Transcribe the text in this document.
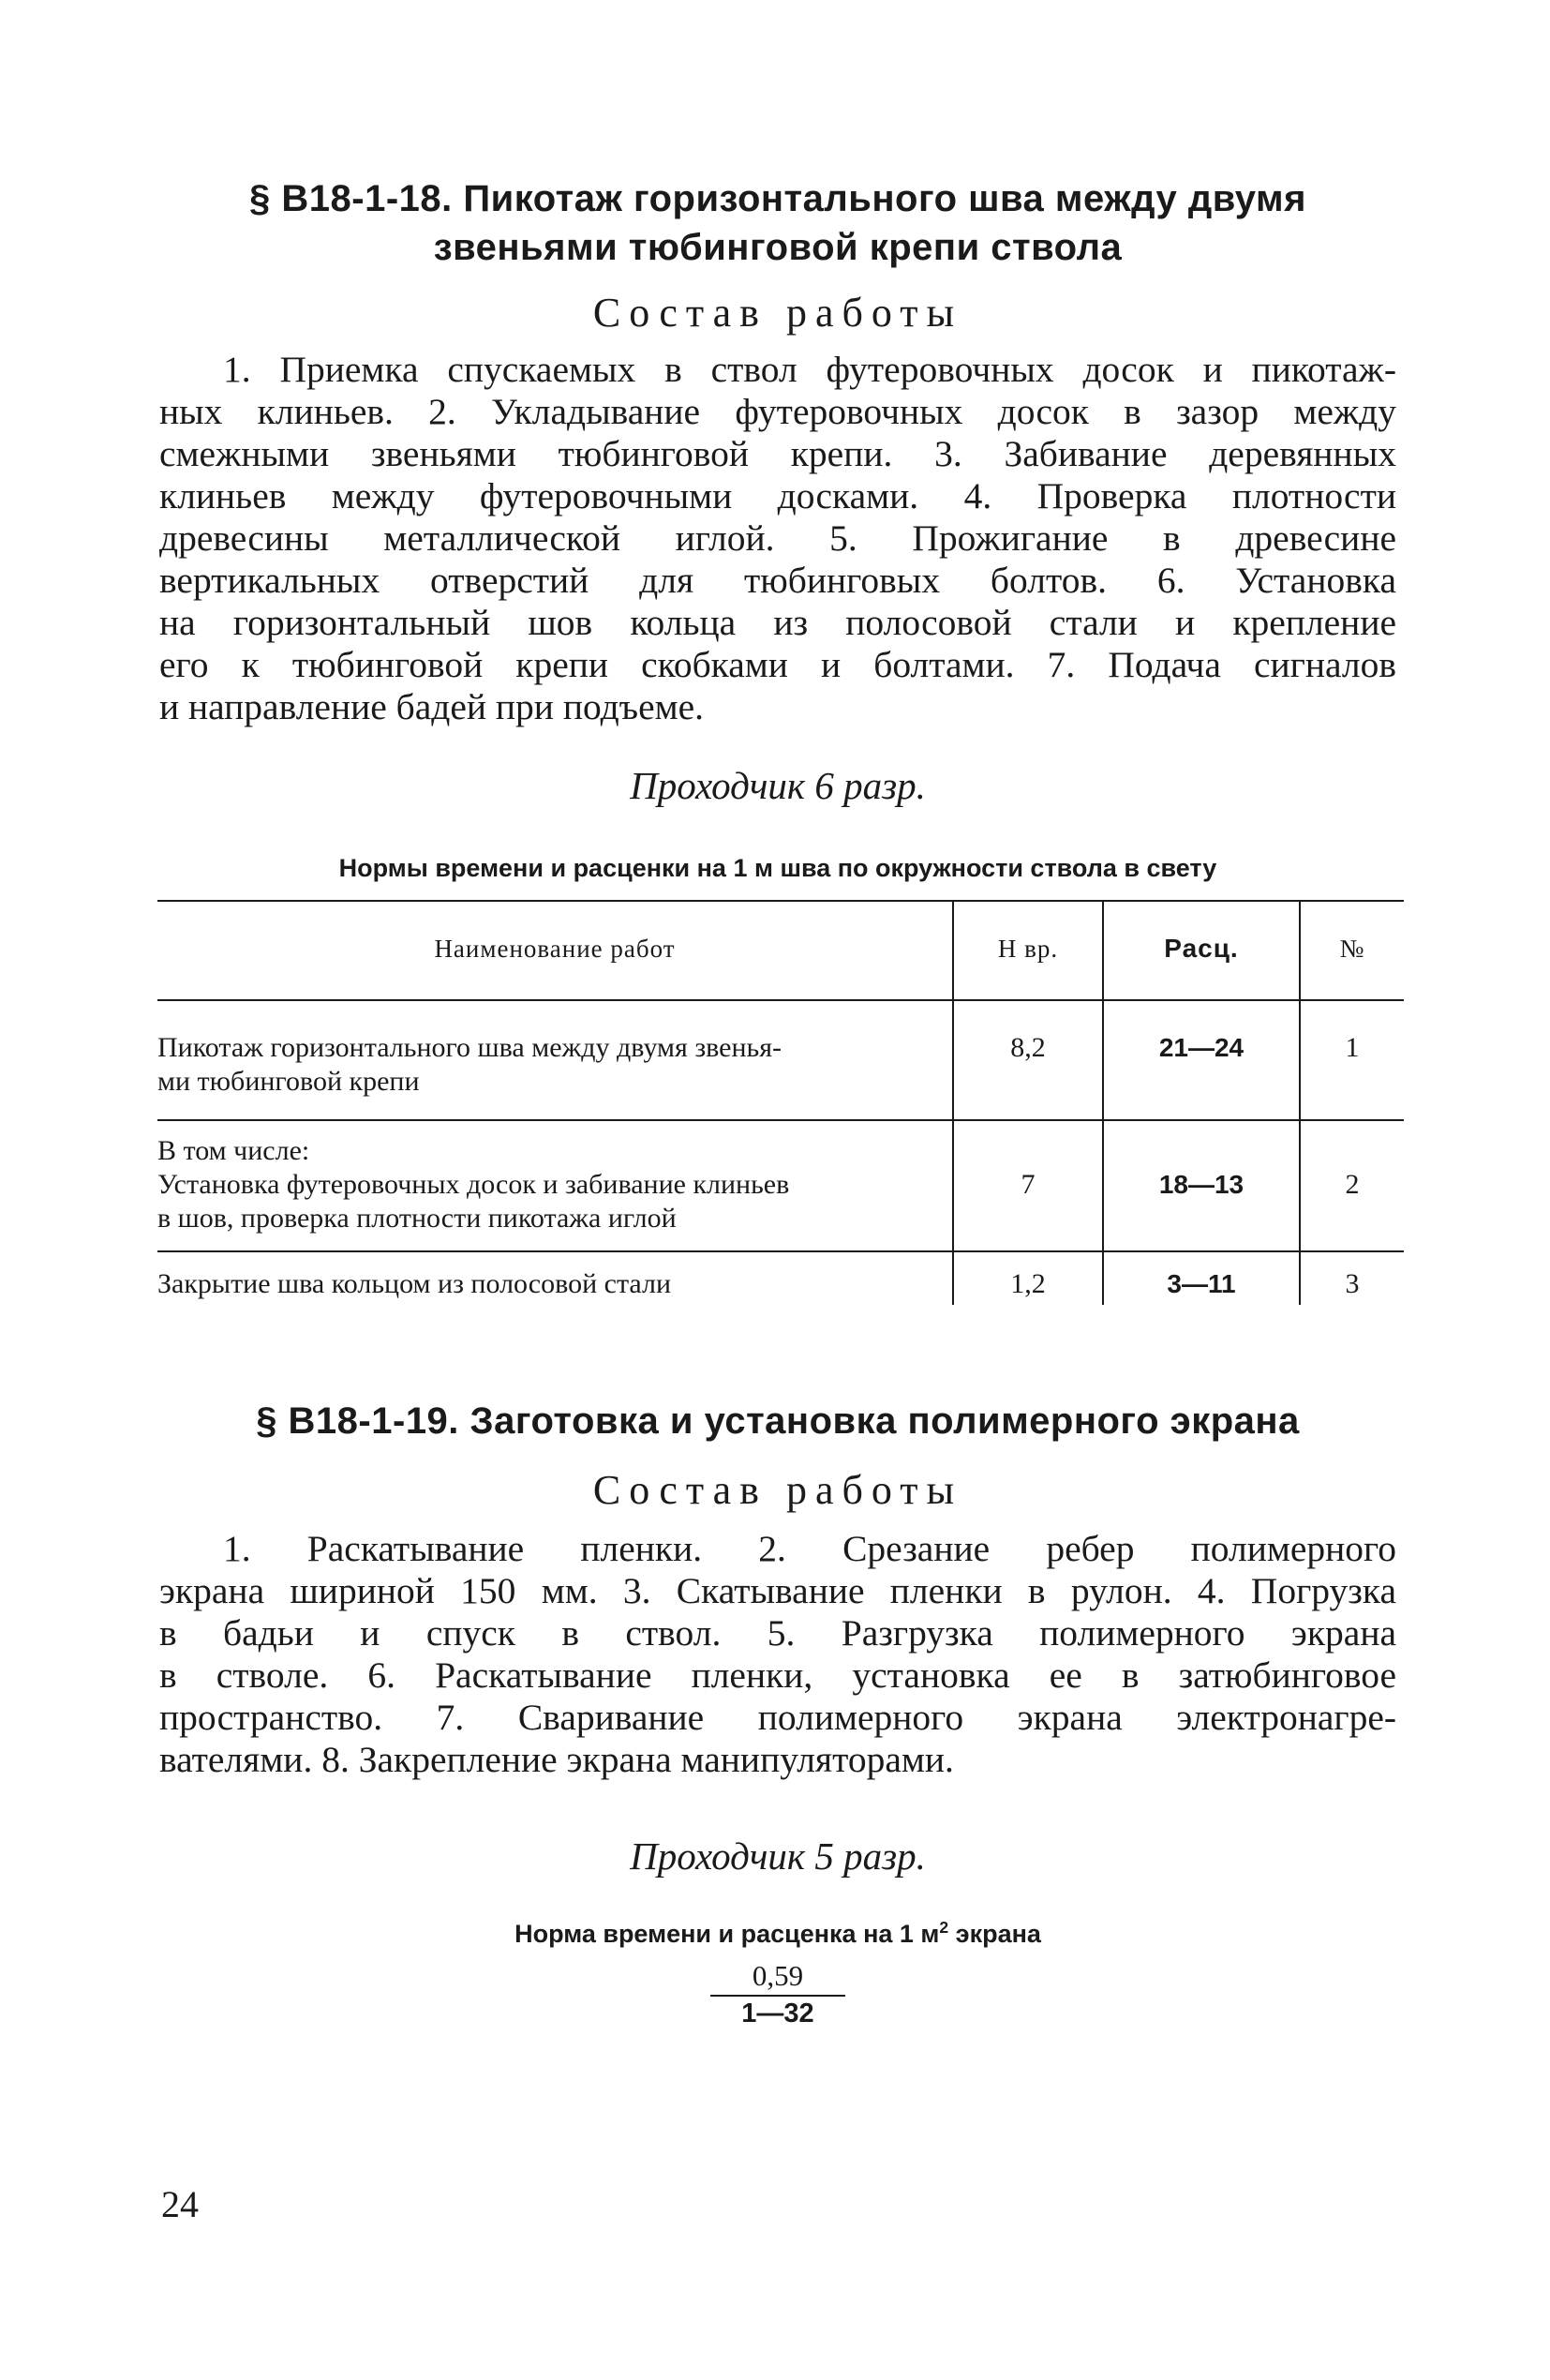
§ В18-1-18. Пикотаж горизонтального шва между двумя
звеньями тюбинговой крепи ствола
Состав работы
1. Приемка спускаемых в ствол футеровочных досок и пикотаж-
ных клиньев. 2. Укладывание футеровочных досок в зазор между
смежными звеньями тюбинговой крепи. 3. Забивание деревянных
клиньев между футеровочными досками. 4. Проверка плотности
древесины металлической иглой. 5. Прожигание в древесине
вертикальных отверстий для тюбинговых болтов. 6. Установка
на горизонтальный шов кольца из полосовой стали и крепление
его к тюбинговой крепи скобками и болтами. 7. Подача сигналов
и направление бадей при подъеме.
Проходчик 6 разр.
Нормы времени и расценки на 1 м шва по окружности ствола в свету
Наименование работ	Н вр.	Расц.	№
Пикотаж горизонтального шва между двумя звенья-
ми тюбинговой крепи
8,2	21—24	1
В том числе:
Установка футеровочных досок и забивание клиньев
в шов, проверка плотности пикотажа иглой
7	18—13	2
Закрытие шва кольцом из полосовой стали	1,2	3—11	3
§ В18-1-19. Заготовка и установка полимерного экрана
Состав работы
1. Раскатывание пленки. 2. Срезание ребер полимерного
экрана шириной 150 мм. 3. Скатывание пленки в рулон. 4. Погрузка
в бадьи и спуск в ствол. 5. Разгрузка полимерного экрана
в стволе. 6. Раскатывание пленки, установка ее в затюбинговое
пространство. 7. Сваривание полимерного экрана электронагре-
вателями. 8. Закрепление экрана манипуляторами.
Проходчик 5 разр.
Норма времени и расценка на 1 $м^2$ экрана
0,59
1—32
24
